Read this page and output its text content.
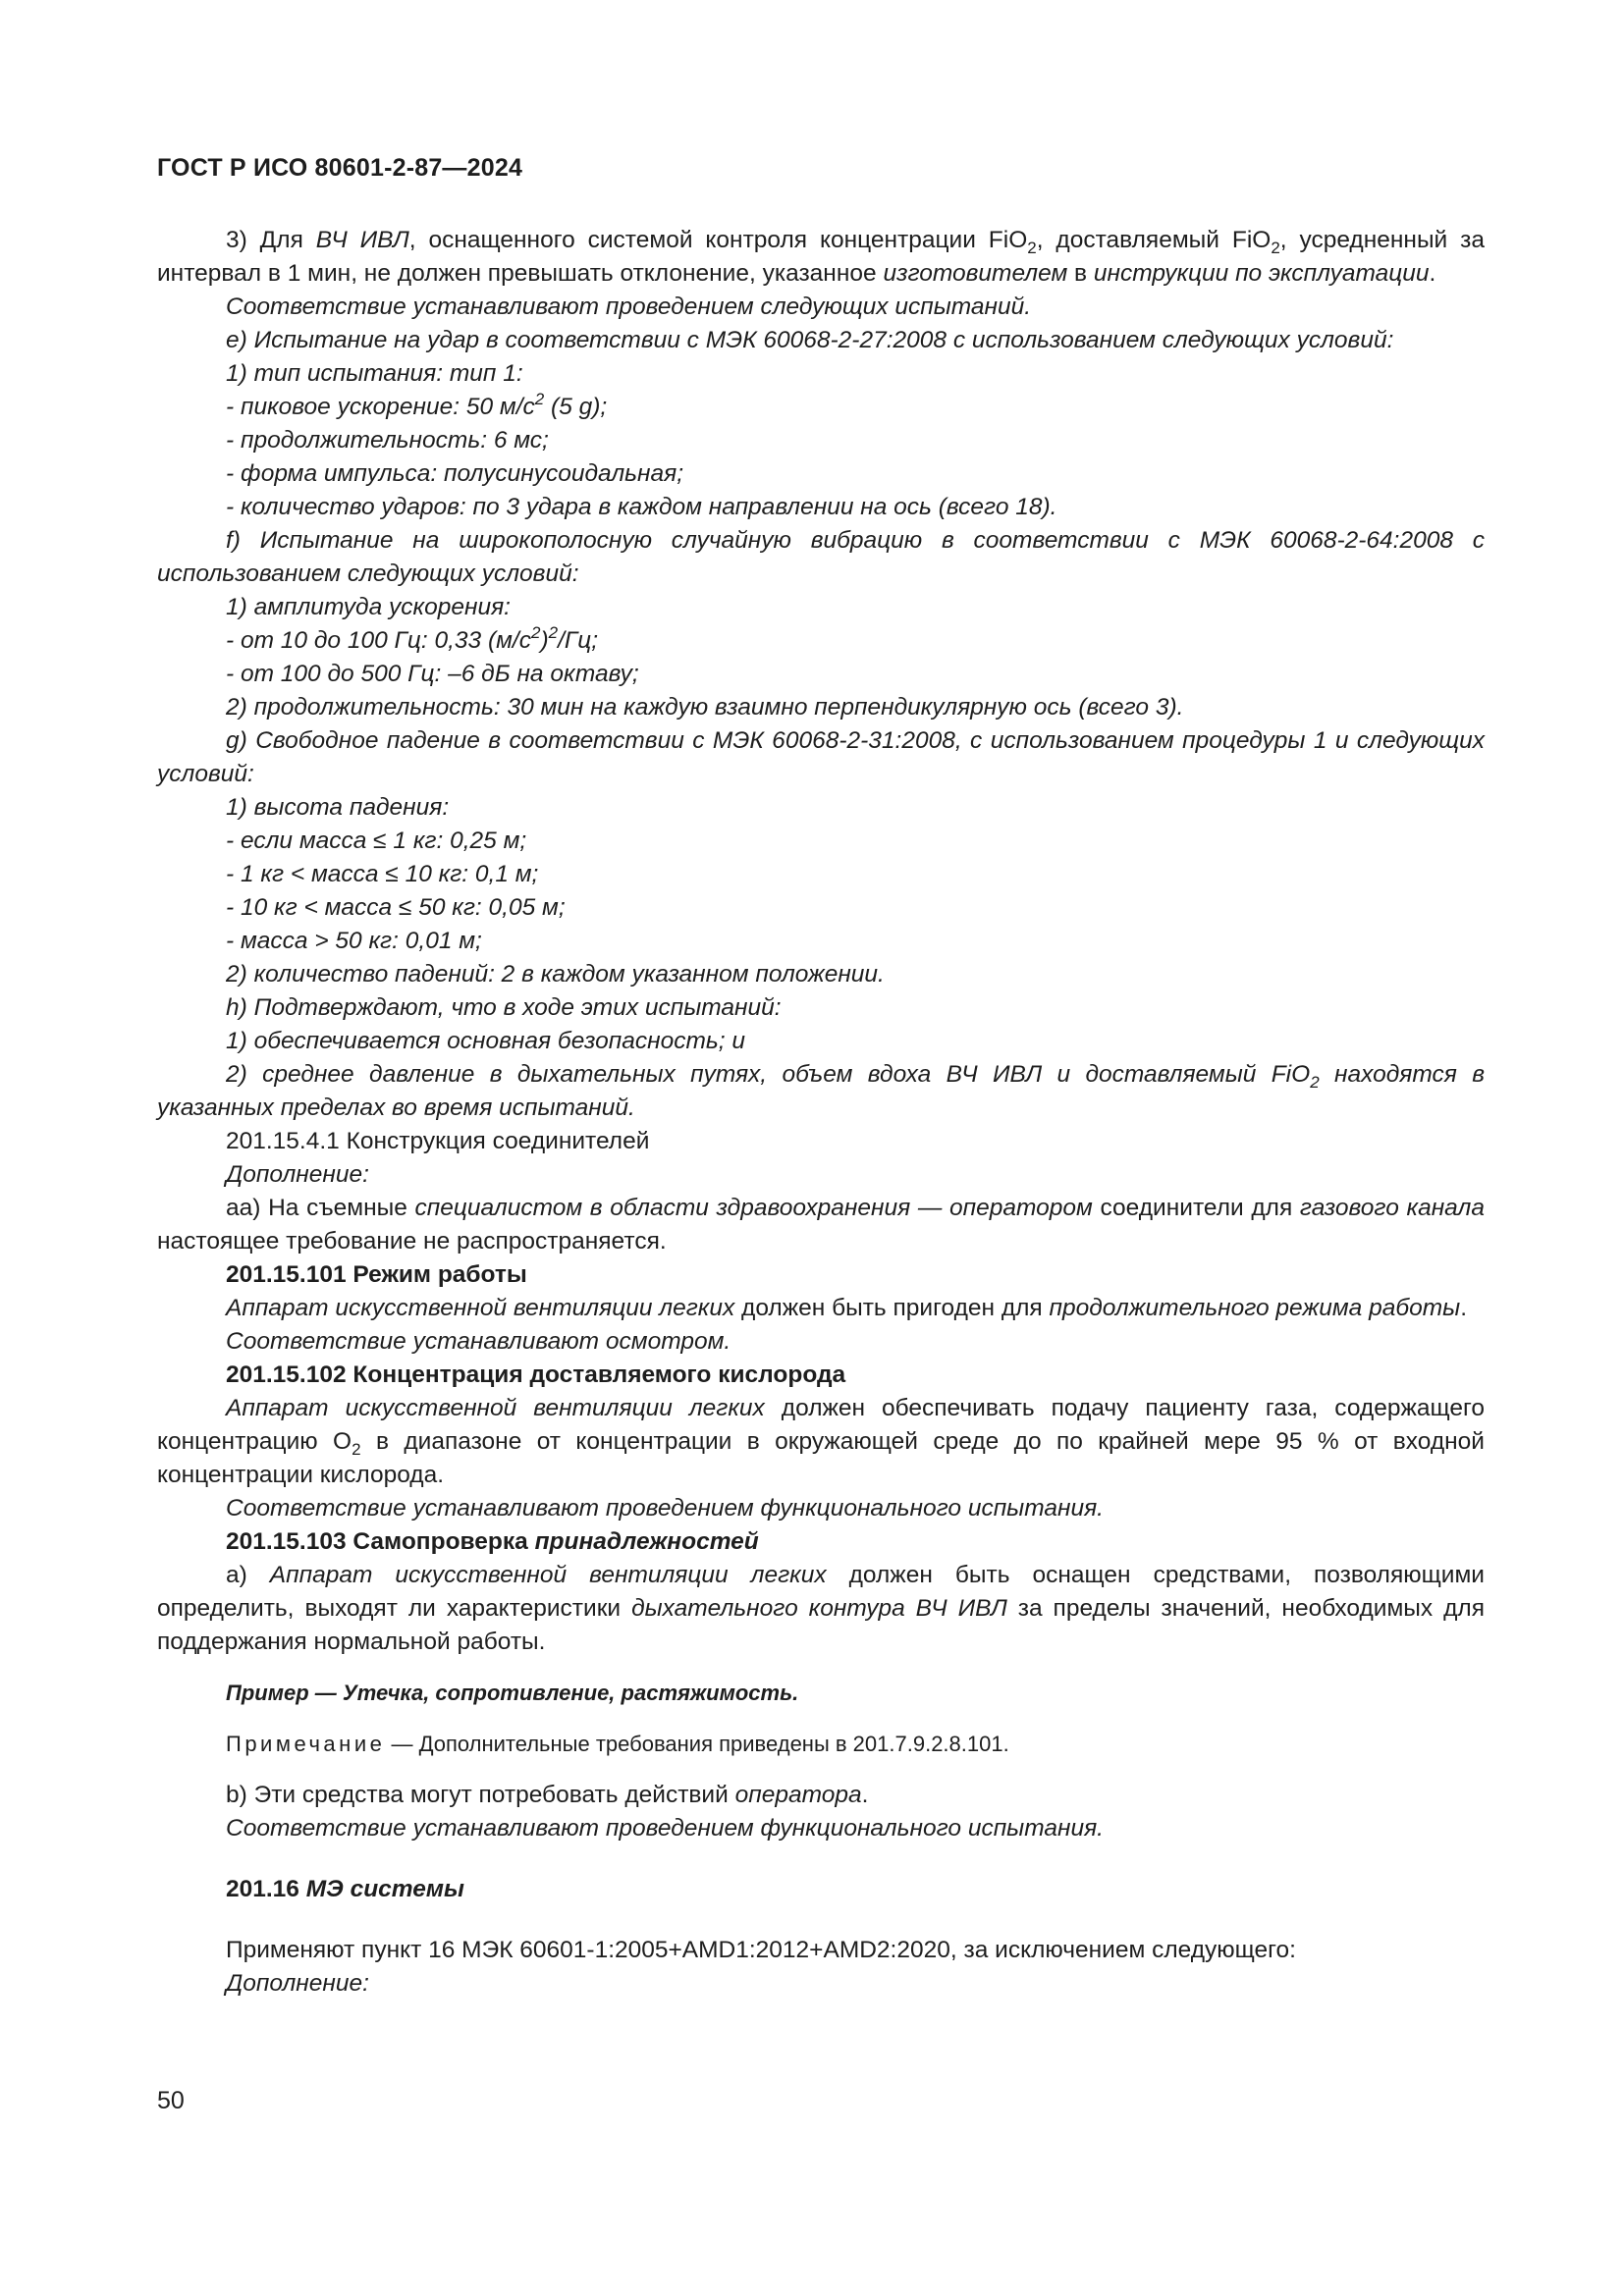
ГОСТ Р ИСО 80601-2-87—2024

3) Для ВЧ ИВЛ, оснащенного системой контроля концентрации FiO$_2$, доставляемый FiO$_2$, усредненный за интервал в 1 мин, не должен превышать отклонение, указанное изготовителем в инструкции по эксплуатации.

Соответствие устанавливают проведением следующих испытаний.

е) Испытание на удар в соответствии с МЭК 60068-2-27:2008 с использованием следующих условий:

1) тип испытания: тип 1:

- пиковое ускорение: 50 $м/с^2$ (5 g);

- продолжительность: 6 мс;

- форма импульса: полусинусоидальная;

- количество ударов: по 3 удара в каждом направлении на ось (всего 18).

f) Испытание на широкополосную случайную вибрацию в соответствии с МЭК 60068-2-64:2008 с использованием следующих условий:

1) амплитуда ускорения:

- от 10 до 100 Гц: 0,33 $(м/с^2)^2/Гц$;

- от 100 до 500 Гц: –6 дБ на октаву;

2) продолжительность: 30 мин на каждую взаимно перпендикулярную ось (всего 3).

g) Свободное падение в соответствии с МЭК 60068-2-31:2008, с использованием процедуры 1 и следующих условий:

1) высота падения:

- если масса ≤ 1 кг: 0,25 м;

- 1 кг < масса ≤ 10 кг: 0,1 м;

- 10 кг < масса ≤ 50 кг: 0,05 м;

- масса > 50 кг: 0,01 м;

2) количество падений: 2 в каждом указанном положении.

h) Подтверждают, что в ходе этих испытаний:

1) обеспечивается основная безопасность; и

2) среднее давление в дыхательных путях, объем вдоха ВЧ ИВЛ и доставляемый FiO$_2$ находятся в указанных пределах во время испытаний.

201.15.4.1 Конструкция соединителей

Дополнение:

аа) На съемные специалистом в области здравоохранения — оператором соединители для газового канала настоящее требование не распространяется.

201.15.101 Режим работы

Аппарат искусственной вентиляции легких должен быть пригоден для продолжительного режима работы.

Соответствие устанавливают осмотром.

201.15.102 Концентрация доставляемого кислорода

Аппарат искусственной вентиляции легких должен обеспечивать подачу пациенту газа, содержащего концентрацию $O_2$ в диапазоне от концентрации в окружающей среде до по крайней мере 95 % от входной концентрации кислорода.

Соответствие устанавливают проведением функционального испытания.

201.15.103 Самопроверка принадлежностей

а) Аппарат искусственной вентиляции легких должен быть оснащен средствами, позволяющими определить, выходят ли характеристики дыхательного контура ВЧ ИВЛ за пределы значений, необходимых для поддержания нормальной работы.

Пример — Утечка, сопротивление, растяжимость.

Примечание — Дополнительные требования приведены в 201.7.9.2.8.101.

b) Эти средства могут потребовать действий оператора.

Соответствие устанавливают проведением функционального испытания.

201.16 МЭ системы

Применяют пункт 16 МЭК 60601-1:2005+AMD1:2012+AMD2:2020, за исключением следующего:

Дополнение:

50
